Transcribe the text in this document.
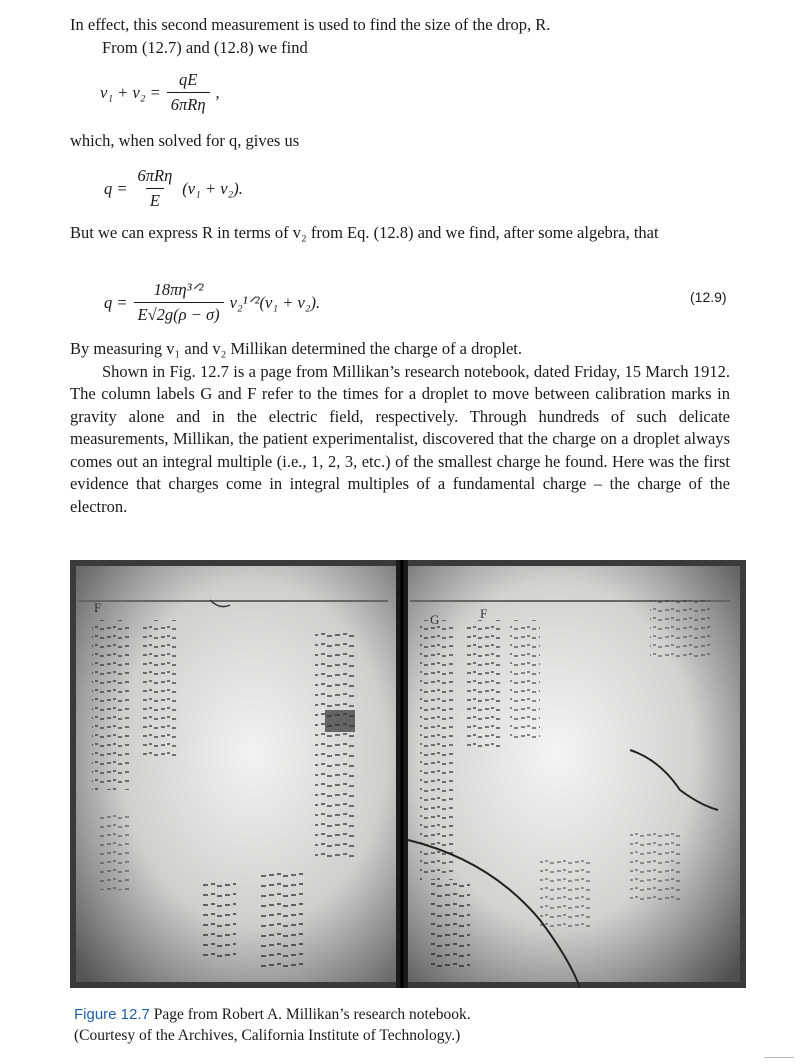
In effect, this second measurement is used to find the size of the drop, R.
From (12.7) and (12.8) we find
$v_1 + v_2 = \frac{qE}{\text{6πRη}}$ ,
which, when solved for q, gives us
$q = \frac{\text{6πRη}}{E} (v_1 + v_2)$.
But we can express R in terms of v₂ from Eq. (12.8) and we find, after some algebra, that
$q = \frac{\text{18πη³ᐟ²}}{E√2g(\rho - \sigma)}$ v₂¹ᐟ²(v₁ + v₂).	(12.9)
By measuring v₁ and v₂ Millikan determined the charge of a droplet.
Shown in Fig. 12.7 is a page from Millikan’s research notebook, dated Friday, 15 March 1912. The column labels G and F refer to the times for a droplet to move between calibration marks in gravity alone and in the electric field, respectively. Through hundreds of such delicate measurements, Millikan, the patient experimentalist, discovered that the charge on a droplet always comes out an integral multiple (i.e., 1, 2, 3, etc.) of the smallest charge he found. Here was the first evidence that charges come in integral multiples of a fundamental charge – the charge of the electron.
F
G	F
Figure 12.7 Page from Robert A. Millikan’s research notebook.
(Courtesy of the Archives, California Institute of Technology.)
